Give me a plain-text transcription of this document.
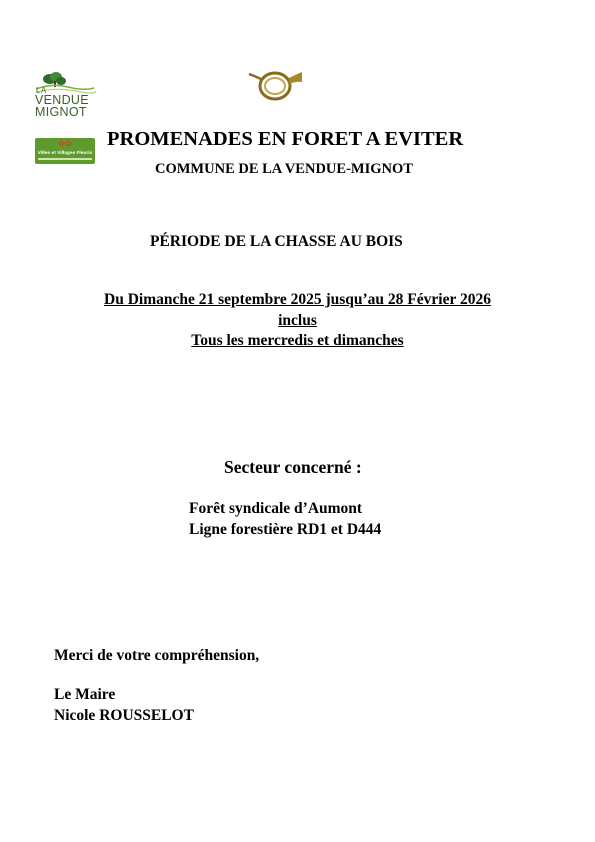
LA
VENDUE
MIGNOT
✿✿
Villes et Villages Fleuris
PROMENADES EN FORET A EVITER
COMMUNE DE LA VENDUE-MIGNOT
PÉRIODE DE LA CHASSE AU BOIS
Du Dimanche 21 septembre 2025 jusqu’au 28 Février 2026
inclus
Tous les mercredis et dimanches
Secteur concerné :
Forêt syndicale d’Aumont
Ligne forestière RD1 et D444
Merci de votre compréhension,
Le Maire
Nicole ROUSSELOT
